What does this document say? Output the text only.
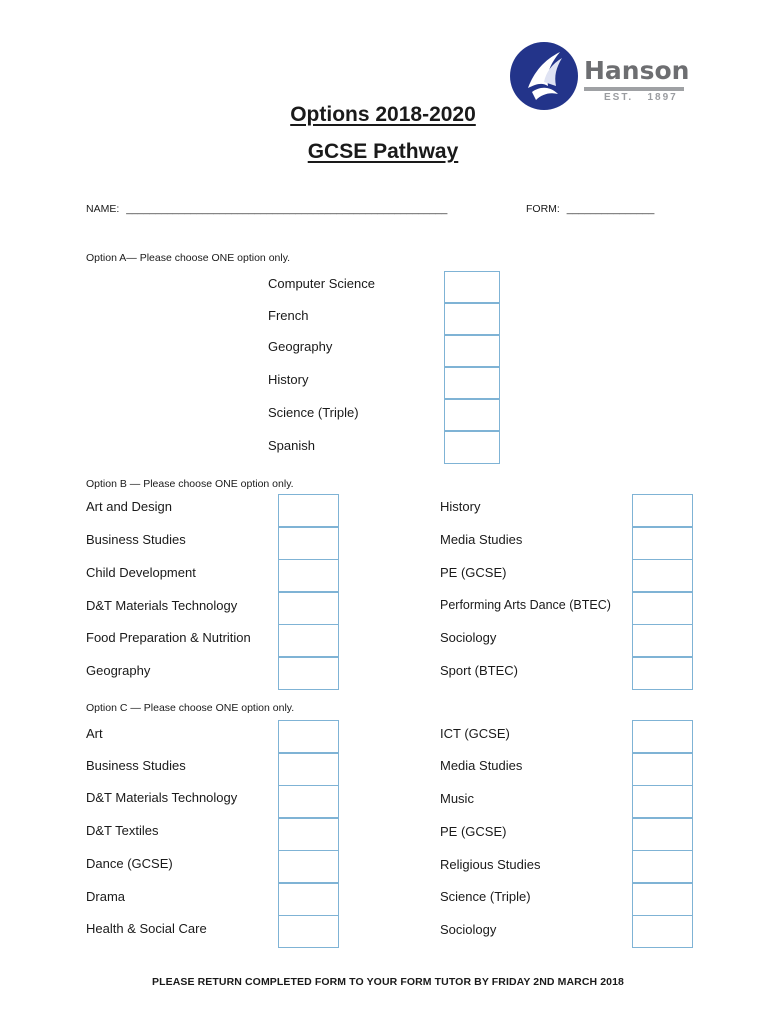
Hanson
EST.   1897
Options 2018-2020
GCSE Pathway
NAME: _______________________________________________________	FORM: _______________
Option A— Please choose ONE option only.
Computer Science
French
Geography
History
Science (Triple)
Spanish
Option B — Please choose ONE option only.
Art and Design
Business Studies
Child Development
D&T Materials Technology
Food Preparation & Nutrition
Geography
History
Media Studies
PE (GCSE)
Performing Arts Dance (BTEC)
Sociology
Sport (BTEC)
Option C — Please choose ONE option only.
Art
Business Studies
D&T Materials Technology
D&T Textiles
Dance (GCSE)
Drama
Health & Social Care
ICT (GCSE)
Media Studies
Music
PE (GCSE)
Religious Studies
Science (Triple)
Sociology
PLEASE RETURN COMPLETED FORM TO YOUR FORM TUTOR BY FRIDAY 2ND MARCH 2018
